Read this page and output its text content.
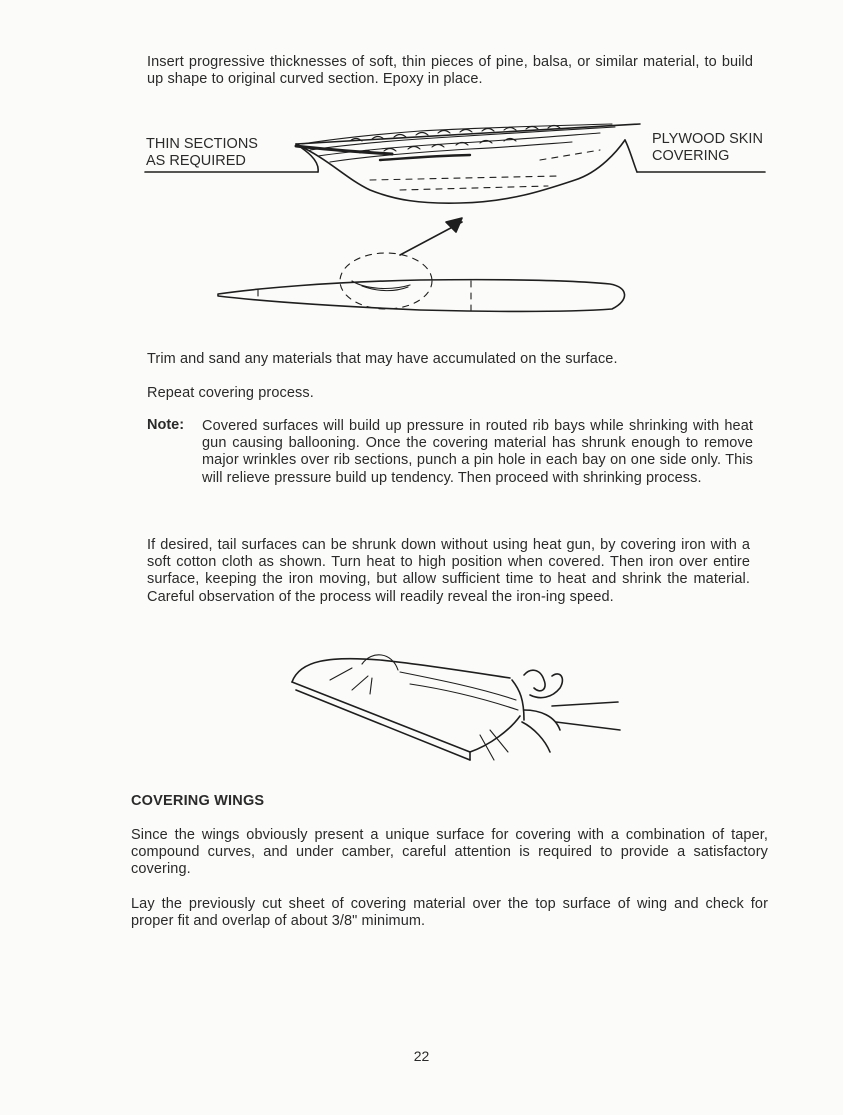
Insert progressive thicknesses of soft, thin pieces of pine, balsa, or similar material, to build up shape to original curved section. Epoxy in place.

THIN SECTIONS
AS REQUIRED

PLYWOOD SKIN
COVERING

Trim and sand any materials that may have accumulated on the surface.

Repeat covering process.

Note: Covered surfaces will build up pressure in routed rib bays while shrinking with heat gun causing ballooning. Once the covering material has shrunk enough to remove major wrinkles over rib sections, punch a pin hole in each bay on one side only. This will relieve pressure build up tendency. Then proceed with shrinking process.

If desired, tail surfaces can be shrunk down without using heat gun, by covering iron with a soft cotton cloth as shown. Turn heat to high position when covered. Then iron over entire surface, keeping the iron moving, but allow sufficient time to heat and shrink the material. Careful observation of the process will readily reveal the iron-ing speed.

COVERING WINGS

Since the wings obviously present a unique surface for covering with a combination of taper, compound curves, and under camber, careful attention is required to provide a satisfactory covering.

Lay the previously cut sheet of covering material over the top surface of wing and check for proper fit and overlap of about 3/8" minimum.

22
